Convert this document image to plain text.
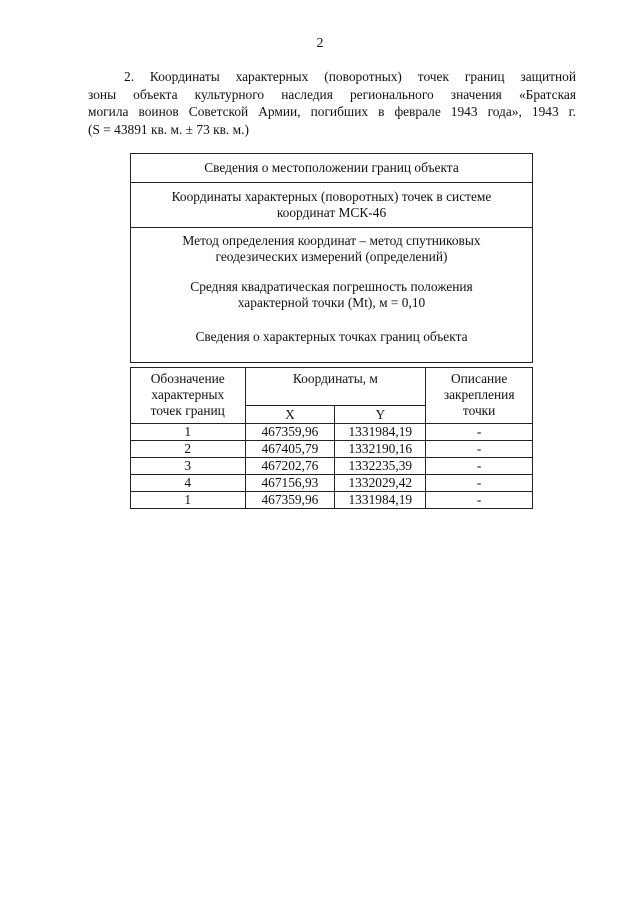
2
2. Координаты характерных (поворотных) точек границ защитной
зоны объекта культурного наследия регионального значения «Братская
могила воинов Советской Армии, погибших в феврале 1943 года», 1943 г.
(S = 43891 кв. м. ± 73 кв. м.)
Сведения о местоположении границ объекта

Координаты характерных (поворотных) точек в системе
координат МСК-46

Метод определения координат – метод спутниковых
геодезических измерений (определений)
Средняя квадратическая погрешность положения
характерной точки (Mt), м = 0,10
Сведения о характерных точках границ объекта
Обозначение
характерных
точек границ	Координаты, м		Описание
закрепления
точки

	X	Y	
1	467359,96	1331984,19	-
2	467405,79	1332190,16	-
3	467202,76	1332235,39	-
4	467156,93	1332029,42	-
1	467359,96	1331984,19	-
